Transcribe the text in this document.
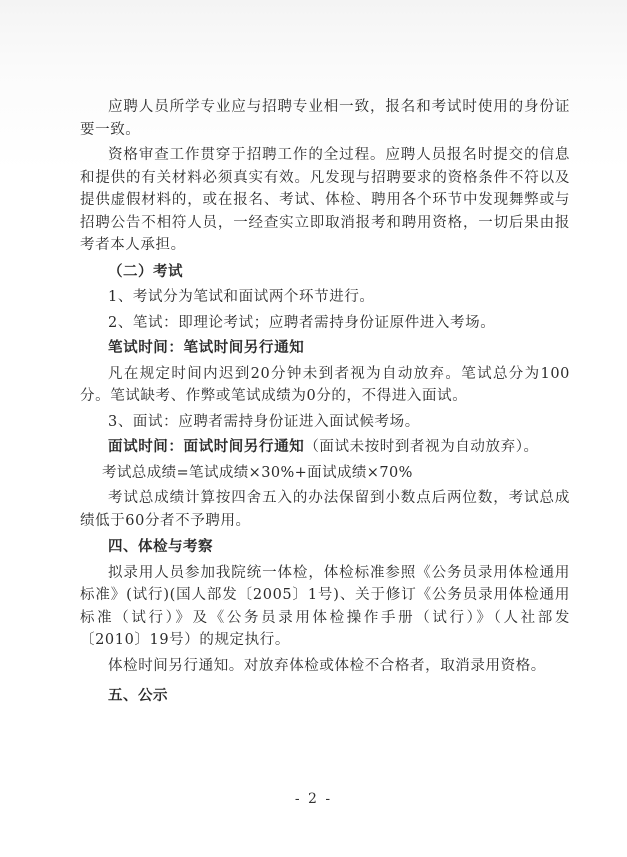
应聘人员所学专业应与招聘专业相一致，报名和考试时使用的身份证要一致。

资格审查工作贯穿于招聘工作的全过程。应聘人员报名时提交的信息和提供的有关材料必须真实有效。凡发现与招聘要求的资格条件不符以及提供虚假材料的，或在报名、考试、体检、聘用各个环节中发现舞弊或与招聘公告不相符人员，一经查实立即取消报考和聘用资格，一切后果由报考者本人承担。

（二）考试

1、考试分为笔试和面试两个环节进行。

2、笔试：即理论考试；应聘者需持身份证原件进入考场。

笔试时间：笔试时间另行通知

凡在规定时间内迟到20分钟未到者视为自动放弃。笔试总分为100分。笔试缺考、作弊或笔试成绩为0分的，不得进入面试。

3、面试：应聘者需持身份证进入面试候考场。

面试时间：面试时间另行通知（面试未按时到者视为自动放弃）。

考试总成绩=笔试成绩×30%+面试成绩×70%

考试总成绩计算按四舍五入的办法保留到小数点后两位数，考试总成绩低于60分者不予聘用。

四、体检与考察

拟录用人员参加我院统一体检，体检标准参照《公务员录用体检通用标准》(试行)(国人部发〔2005〕1号)、关于修订《公务员录用体检通用标准（试行）》及《公务员录用体检操作手册（试行）》（人社部发〔2010〕19号）的规定执行。

体检时间另行通知。对放弃体检或体检不合格者，取消录用资格。

五、公示
- 2 -
